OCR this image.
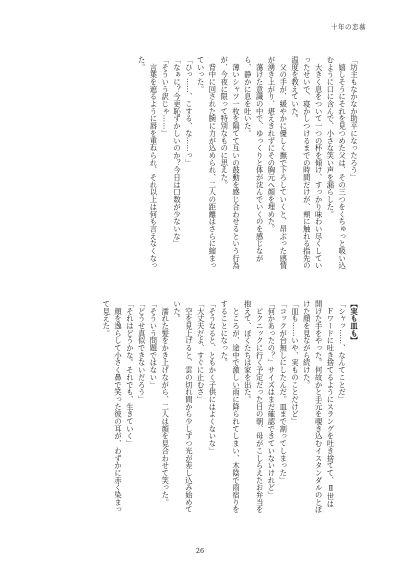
十年の恋慕

「坊主もなかなか助平になったろう」

　嬉しそうにそれを見つめた父は、その三つをくちゅっと吸い込むように口に含んで、小さな笑い声を漏らした。

　大きく息をついて一つの杯を傾け、すっかり味わい尽くしていったせいで、寝かしつけるまでの時間だけが、頬に触れる指先の温度を教えていた。

　父の手が、緩やかに優しく撫で下ろしていくと、昂ぶった感情が湧き上がり、堪えきれずにその胸元へ顔を埋めた。

　蕩けた意識の中で、ゆっくりと体が沈んでいくのを感じながら、静かに息を吐いた。

　薄いシャツ一枚を隔てて互いの鼓動を感じ合わせるという行為が、今夜に限って特別なものに思えた。

　背中に回された腕に力が込められ、二人の距離はさらに縮まっていった。

「ひっ……、こする、な……っ」

「なぁに？今更恥ずかしいのか？今日は口数が少ないな」

「そういう訳じゃ……」

　言葉を遮るように唇を重ねられ、それ以上は何も言えなくなった。

【実も皿も】

「シャッ……、なんてことだ」

　Ｆワードに吐き捨てるようにスラングを吐き捨てて、Ⅱ世は開けた手をやった。何故かと手元を覗き込むイスタンダルのとぼけた顔を見ながら続けた。

「皿も……いや、実ものことだけど」

「コックが台無しにしたんだ。皿まで割ってしまった」

「何かあったの？」サイズはまだ確認できていないけれど」

　ピクニックに行く予定だった日の朝、母がこしらえたお弁当を抱えて、ぼくたちは家を出た。

　ところが、途中で激しい雨に降られてしまい、木陰で雨宿りをすることになった。

「そうなると、ともかく子供にはよくないな」

「大丈夫だよ、すぐに止むさ」

　空を見上げると、雲の切れ間から少しずつ光が差し込み始めていた。

　濡れた髪をかき上げながら、二人は顔を見合わせて笑った。

「そういう問題ではない」

「どうせ真似できないだろう」

「それはどうかな。それでも、生きていく」

　顔を逸らして小さく鼻で笑った彼の耳が、わずかに赤く染まって見えた。

26
